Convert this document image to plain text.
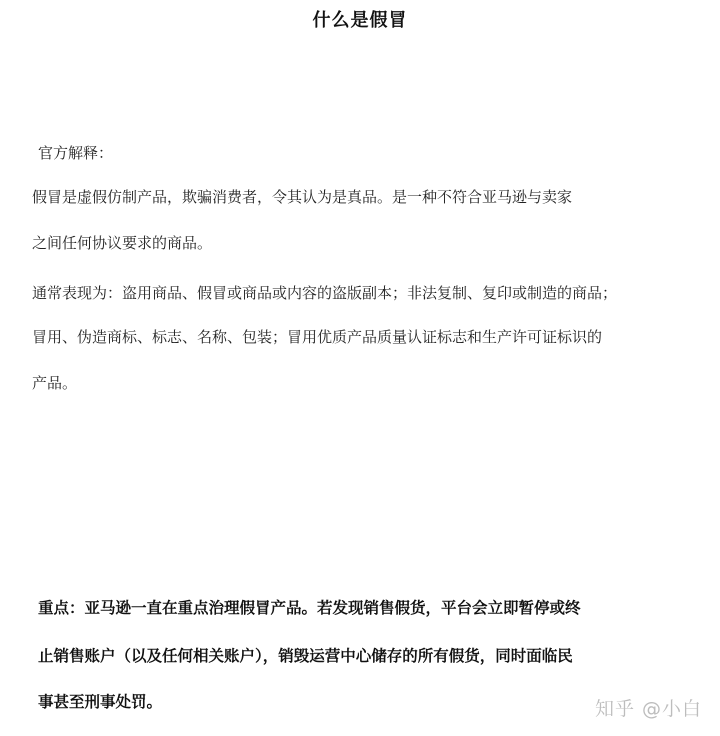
什么是假冒
官方解释：
假冒是虚假仿制产品，欺骗消费者，令其认为是真品。是一种不符合亚马逊与卖家
之间任何协议要求的商品。
通常表现为：盗用商品、假冒或商品或内容的盗版副本；非法复制、复印或制造的商品；
冒用、伪造商标、标志、名称、包装；冒用优质产品质量认证标志和生产许可证标识的
产品。
重点：亚马逊一直在重点治理假冒产品。若发现销售假货，平台会立即暂停或终
止销售账户（以及任何相关账户），销毁运营中心储存的所有假货，同时面临民
事甚至刑事处罚。	知乎 @小白
